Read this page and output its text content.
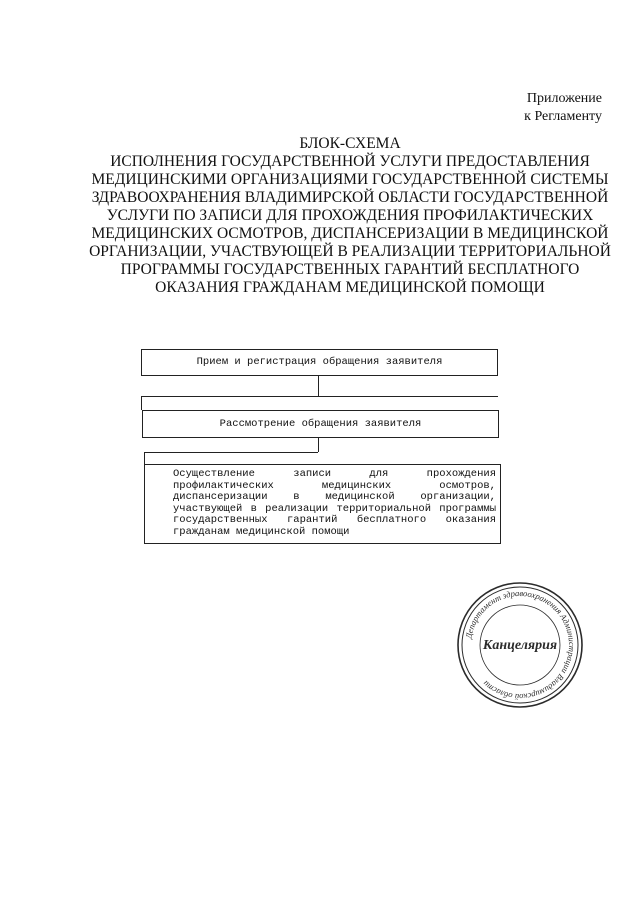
Приложение
к Регламенту
БЛОК-СХЕМА
ИСПОЛНЕНИЯ ГОСУДАРСТВЕННОЙ УСЛУГИ ПРЕДОСТАВЛЕНИЯ
МЕДИЦИНСКИМИ ОРГАНИЗАЦИЯМИ ГОСУДАРСТВЕННОЙ СИСТЕМЫ
ЗДРАВООХРАНЕНИЯ ВЛАДИМИРСКОЙ ОБЛАСТИ ГОСУДАРСТВЕННОЙ
УСЛУГИ ПО ЗАПИСИ ДЛЯ ПРОХОЖДЕНИЯ ПРОФИЛАКТИЧЕСКИХ
МЕДИЦИНСКИХ ОСМОТРОВ, ДИСПАНСЕРИЗАЦИИ В МЕДИЦИНСКОЙ
ОРГАНИЗАЦИИ, УЧАСТВУЮЩЕЙ В РЕАЛИЗАЦИИ ТЕРРИТОРИАЛЬНОЙ
ПРОГРАММЫ ГОСУДАРСТВЕННЫХ ГАРАНТИЙ БЕСПЛАТНОГО
ОКАЗАНИЯ ГРАЖДАНАМ МЕДИЦИНСКОЙ ПОМОЩИ
Прием и регистрация обращения заявителя
Рассмотрение обращения заявителя
Осуществление записи для прохождения профилактических медицинских осмотров, диспансеризации в медицинской организации, участвующей в реализации территориальной программы государственных гарантий бесплатного оказания гражданам медицинской помощи
Департамент здравоохранения Администрации Владимирской области
Канцелярия
